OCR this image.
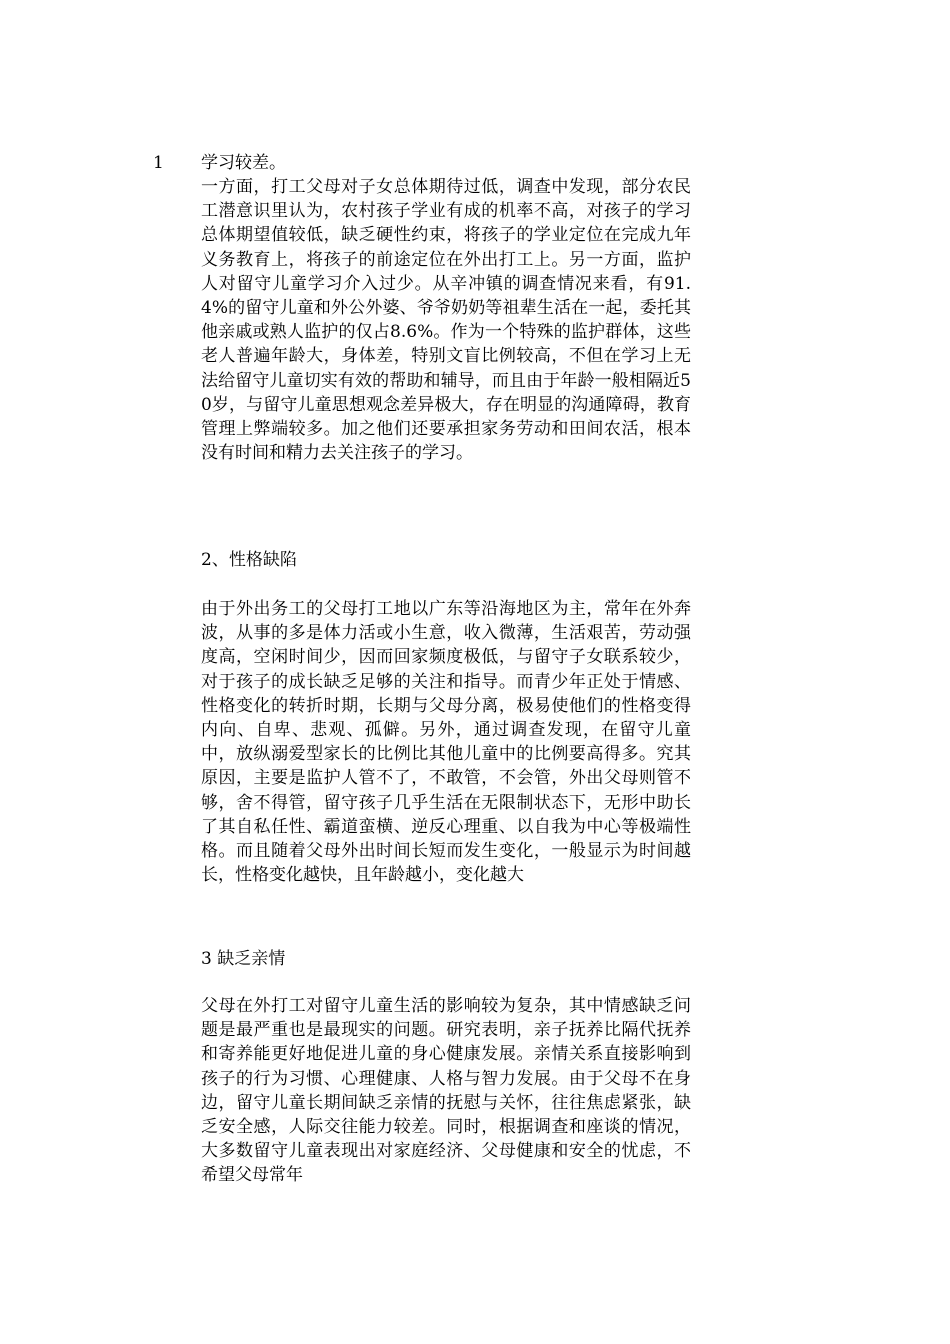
1 学习较差。
一方面，打工父母对子女总体期待过低，调查中发现，部分农民工潜意识里认为，农村孩子学业有成的机率不高，对孩子的学习总体期望值较低，缺乏硬性约束，将孩子的学业定位在完成九年义务教育上，将孩子的前途定位在外出打工上。另一方面，监护人对留守儿童学习介入过少。从辛冲镇的调查情况来看，有91.4%的留守儿童和外公外婆、爷爷奶奶等祖辈生活在一起，委托其他亲戚或熟人监护的仅占8.6%。作为一个特殊的监护群体，这些老人普遍年龄大，身体差，特别文盲比例较高，不但在学习上无法给留守儿童切实有效的帮助和辅导，而且由于年龄一般相隔近50岁，与留守儿童思想观念差异极大，存在明显的沟通障碍，教育管理上弊端较多。加之他们还要承担家务劳动和田间农活，根本没有时间和精力去关注孩子的学习。
2、性格缺陷
由于外出务工的父母打工地以广东等沿海地区为主，常年在外奔波，从事的多是体力活或小生意，收入微薄，生活艰苦，劳动强度高，空闲时间少，因而回家频度极低，与留守子女联系较少，对于孩子的成长缺乏足够的关注和指导。而青少年正处于情感、性格变化的转折时期，长期与父母分离，极易使他们的性格变得内向、自卑、悲观、孤僻。另外，通过调查发现，在留守儿童中，放纵溺爱型家长的比例比其他儿童中的比例要高得多。究其原因，主要是监护人管不了，不敢管，不会管，外出父母则管不够，舍不得管，留守孩子几乎生活在无限制状态下，无形中助长了其自私任性、霸道蛮横、逆反心理重、以自我为中心等极端性格。而且随着父母外出时间长短而发生变化，一般显示为时间越长，性格变化越快，且年龄越小，变化越大
3 缺乏亲情
父母在外打工对留守儿童生活的影响较为复杂，其中情感缺乏问题是最严重也是最现实的问题。研究表明，亲子抚养比隔代抚养和寄养能更好地促进儿童的身心健康发展。亲情关系直接影响到孩子的行为习惯、心理健康、人格与智力发展。由于父母不在身边，留守儿童长期间缺乏亲情的抚慰与关怀，往往焦虑紧张，缺乏安全感，人际交往能力较差。同时，根据调查和座谈的情况，大多数留守儿童表现出对家庭经济、父母健康和安全的忧虑，不希望父母常年
